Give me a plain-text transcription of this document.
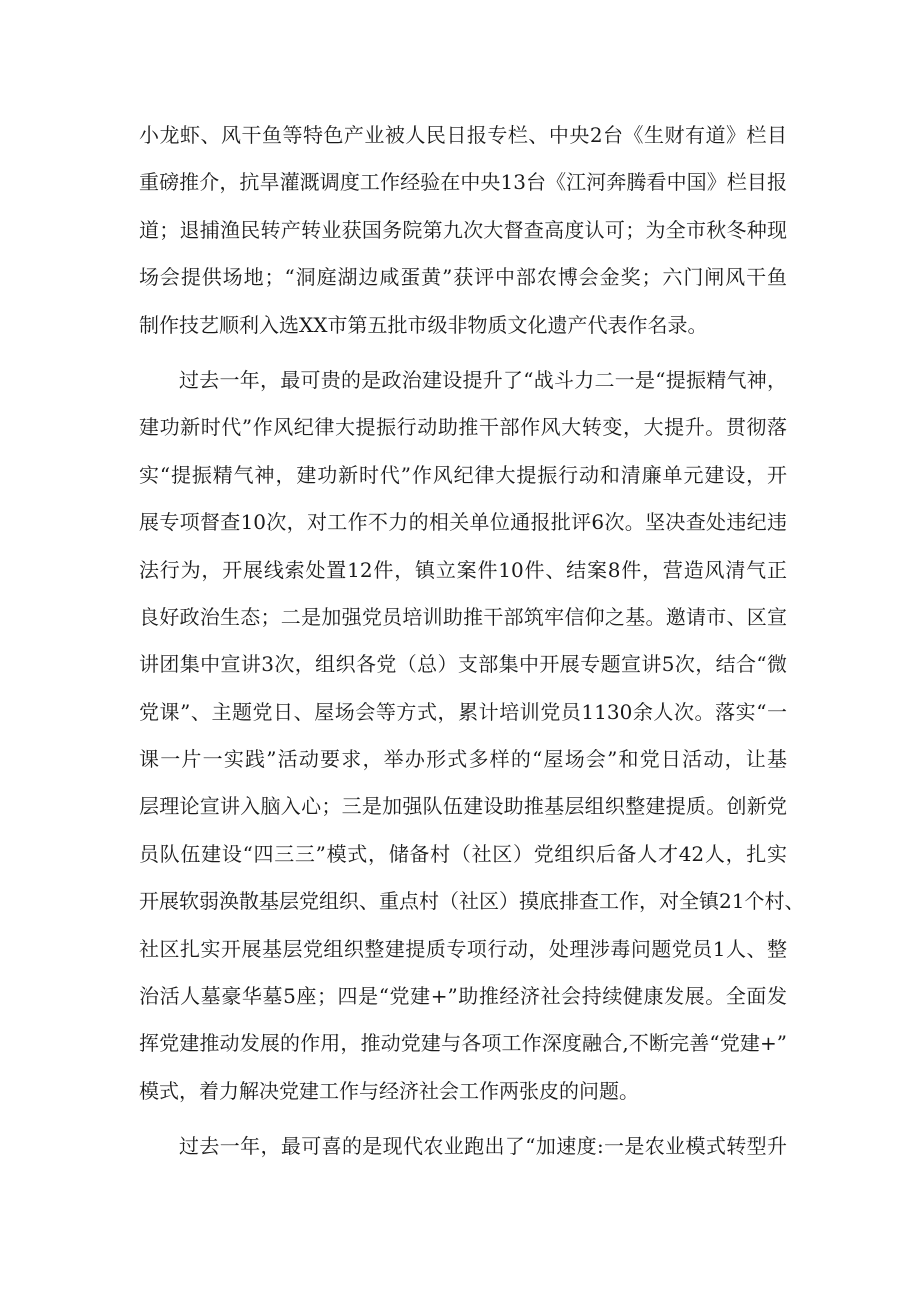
小龙虾、风干鱼等特色产业被人民日报专栏、中央2台《生财有道》栏目
重磅推介，抗旱灌溉调度工作经验在中央13台《江河奔腾看中国》栏目报
道；退捕渔民转产转业获国务院第九次大督查高度认可；为全市秋冬种现
场会提供场地；“洞庭湖边咸蛋黄”获评中部农博会金奖；六门闸风干鱼
制作技艺顺利入选XX市第五批市级非物质文化遗产代表作名录。
过去一年，最可贵的是政治建设提升了“战斗力二一是“提振精气神，
建功新时代”作风纪律大提振行动助推干部作风大转变，大提升。贯彻落
实“提振精气神，建功新时代”作风纪律大提振行动和清廉单元建设，开
展专项督查10次，对工作不力的相关单位通报批评6次。坚决查处违纪违
法行为，开展线索处置12件，镇立案件10件、结案8件，营造风清气正
良好政治生态；二是加强党员培训助推干部筑牢信仰之基。邀请市、区宣
讲团集中宣讲3次，组织各党（总）支部集中开展专题宣讲5次，结合“微
党课”、主题党日、屋场会等方式，累计培训党员1130余人次。落实“一
课一片一实践”活动要求，举办形式多样的“屋场会”和党日活动，让基
层理论宣讲入脑入心；三是加强队伍建设助推基层组织整建提质。创新党
员队伍建设“四三三”模式，储备村（社区）党组织后备人才42人，扎实
开展软弱涣散基层党组织、重点村（社区）摸底排查工作，对全镇21个村、
社区扎实开展基层党组织整建提质专项行动，处理涉毒问题党员1人、整
治活人墓豪华墓5座；四是“党建+”助推经济社会持续健康发展。全面发
挥党建推动发展的作用，推动党建与各项工作深度融合,不断完善“党建+”
模式，着力解决党建工作与经济社会工作两张皮的问题。
过去一年，最可喜的是现代农业跑出了“加速度:一是农业模式转型升
